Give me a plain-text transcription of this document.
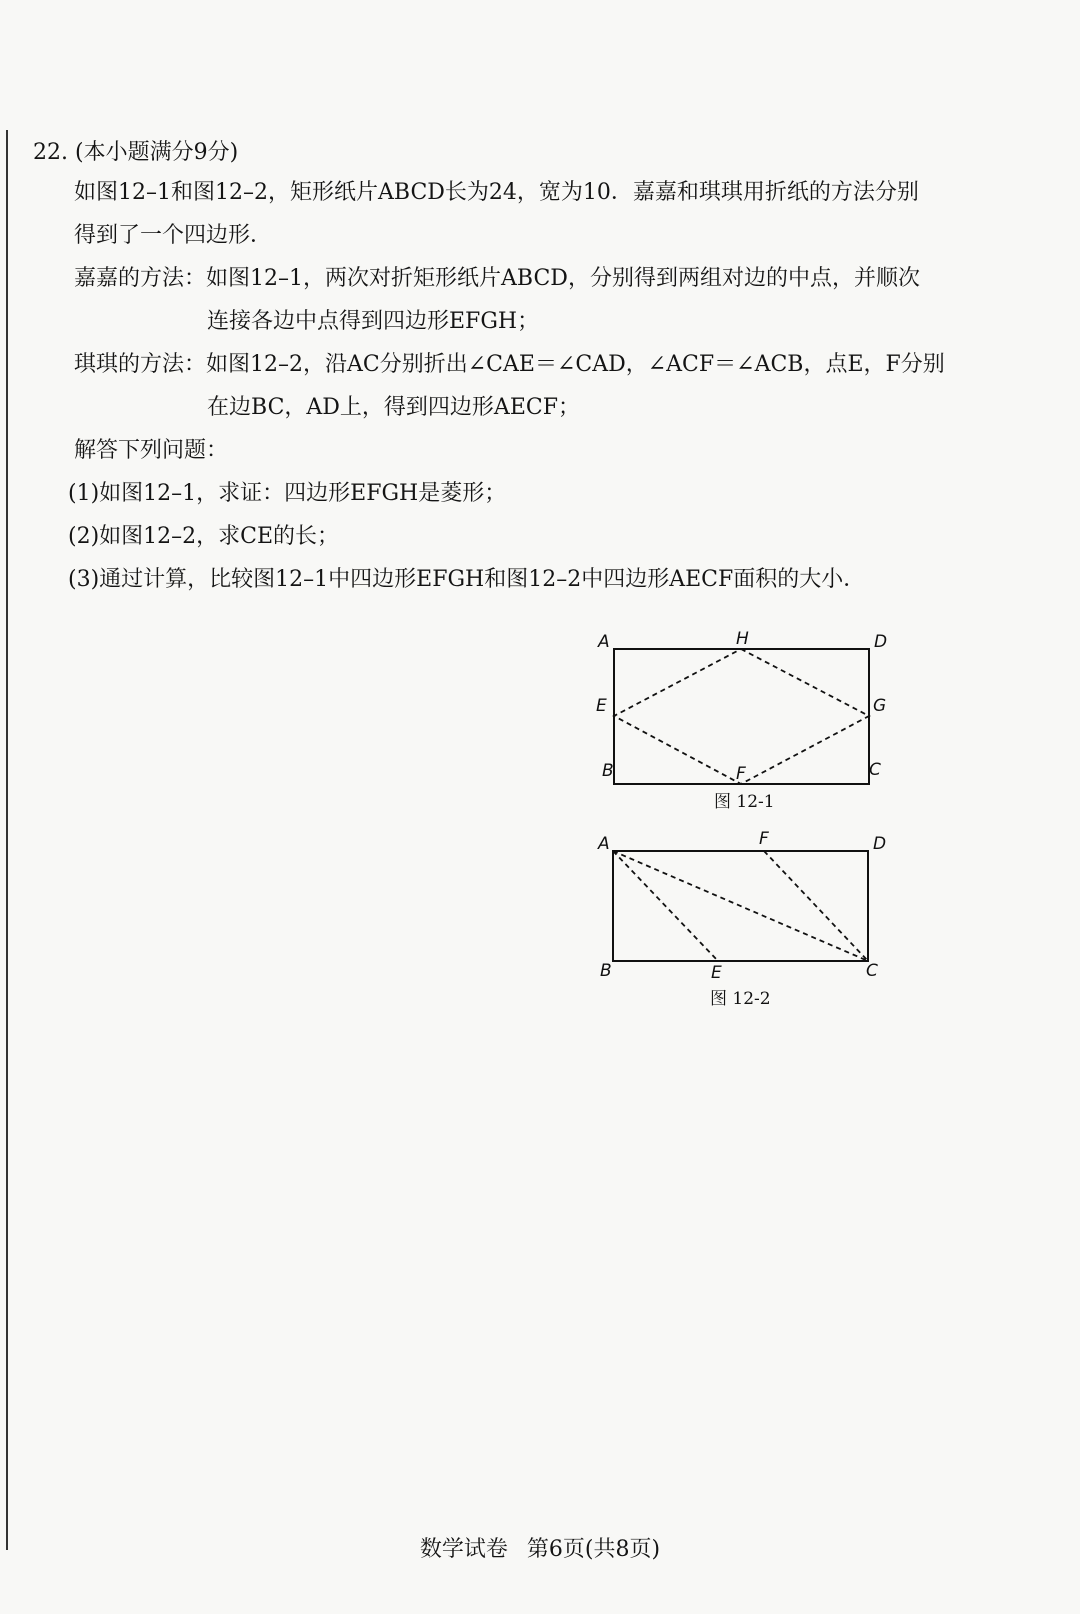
22. (本小题满分9分)
如图12–1和图12–2，矩形纸片ABCD长为24，宽为10．嘉嘉和琪琪用折纸的方法分别
得到了一个四边形．
嘉嘉的方法：如图12–1，两次对折矩形纸片ABCD，分别得到两组对边的中点，并顺次
连接各边中点得到四边形EFGH；
琪琪的方法：如图12–2，沿AC分别折出∠CAE＝∠CAD，∠ACF＝∠ACB，点E，F分别
在边BC，AD上，得到四边形AECF；
解答下列问题：
(1)如图12–1，求证：四边形EFGH是菱形；
(2)如图12–2，求CE的长；
(3)通过计算，比较图12–1中四边形EFGH和图12–2中四边形AECF面积的大小．
A	H	D
E	G
B	F	C
图 12-1
A	F	D
B	E	C
图 12-2
数学试卷 第6页(共8页)
